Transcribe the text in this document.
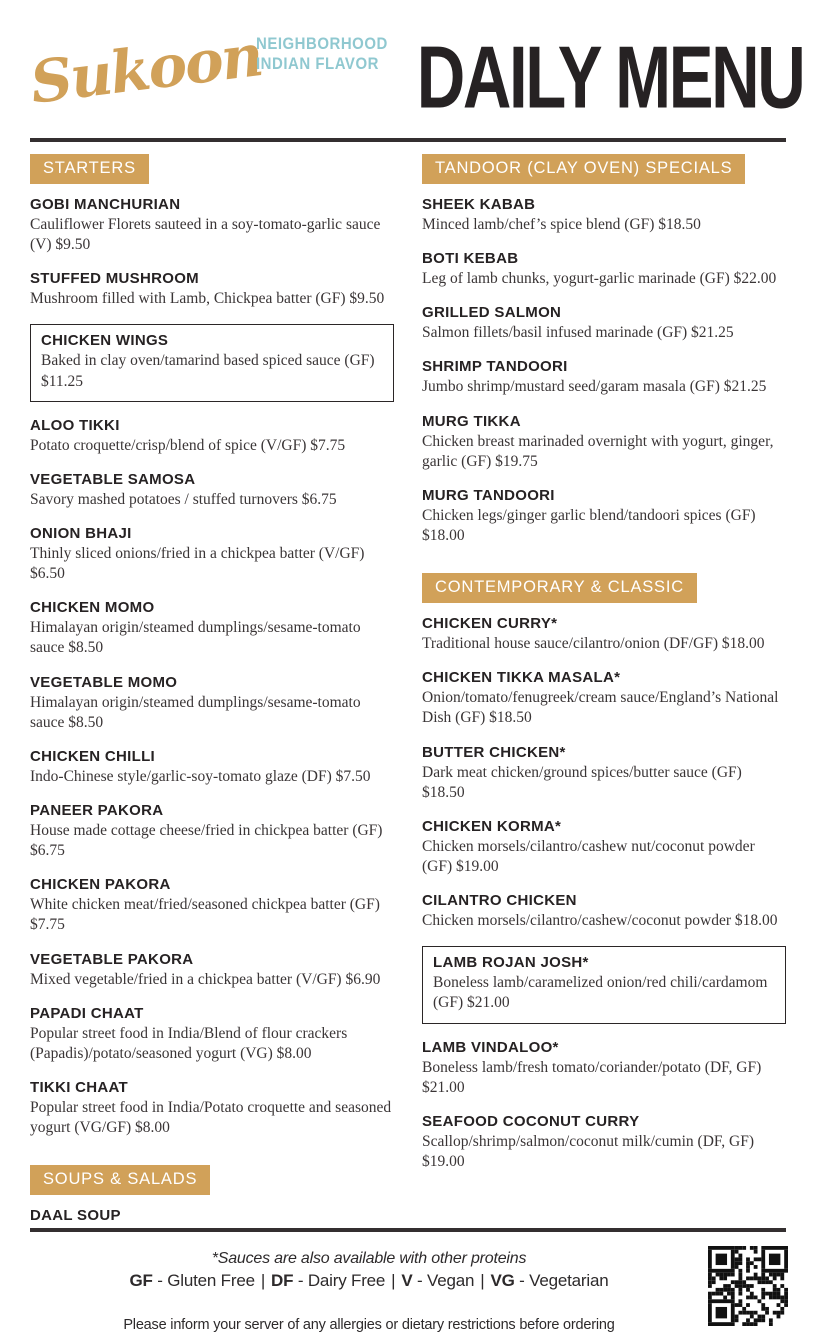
Sukoon
NEIGHBORHOOD
INDIAN FLAVOR DAILY MENU
STARTERS
GOBI MANCHURIAN
Cauliflower Florets sauteed in a soy-tomato-garlic sauce (V) $9.50
STUFFED MUSHROOM
Mushroom filled with Lamb, Chickpea batter (GF) $9.50
CHICKEN WINGS
Baked in clay oven/tamarind based spiced sauce (GF) $11.25
ALOO TIKKI
Potato croquette/crisp/blend of spice (V/GF) $7.75
VEGETABLE SAMOSA
Savory mashed potatoes / stuffed turnovers $6.75
ONION BHAJI
Thinly sliced onions/fried in a chickpea batter (V/GF) $6.50
CHICKEN MOMO
Himalayan origin/steamed dumplings/sesame-tomato sauce $8.50
VEGETABLE MOMO
Himalayan origin/steamed dumplings/sesame-tomato sauce $8.50
CHICKEN CHILLI
Indo-Chinese style/garlic-soy-tomato glaze (DF) $7.50
PANEER PAKORA
House made cottage cheese/fried in chickpea batter (GF) $6.75
CHICKEN PAKORA
White chicken meat/fried/seasoned chickpea batter (GF) $7.75
VEGETABLE PAKORA
Mixed vegetable/fried in a chickpea batter (V/GF) $6.90
PAPADI CHAAT
Popular street food in India/Blend of flour crackers (Papadis)/potato/seasoned yogurt (VG) $8.00
TIKKI CHAAT
Popular street food in India/Potato croquette and seasoned yogurt (VG/GF) $8.00
SOUPS & SALADS
DAAL SOUP
TANDOOR (CLAY OVEN) SPECIALS
SHEEK KABAB
Minced lamb/chef’s spice blend (GF) $18.50
BOTI KEBAB
Leg of lamb chunks, yogurt-garlic marinade (GF) $22.00
GRILLED SALMON
Salmon fillets/basil infused marinade (GF) $21.25
SHRIMP TANDOORI
Jumbo shrimp/mustard seed/garam masala (GF) $21.25
MURG TIKKA
Chicken breast marinaded overnight with yogurt, ginger, garlic (GF) $19.75
MURG TANDOORI
Chicken legs/ginger garlic blend/tandoori spices (GF) $18.00
CONTEMPORARY & CLASSIC
CHICKEN CURRY*
Traditional house sauce/cilantro/onion (DF/GF) $18.00
CHICKEN TIKKA MASALA*
Onion/tomato/fenugreek/cream sauce/England’s National Dish (GF) $18.50
BUTTER CHICKEN*
Dark meat chicken/ground spices/butter sauce (GF) $18.50
CHICKEN KORMA*
Chicken morsels/cilantro/cashew nut/coconut powder (GF) $19.00
CILANTRO CHICKEN
Chicken morsels/cilantro/cashew/coconut powder $18.00
LAMB ROJAN JOSH*
Boneless lamb/caramelized onion/red chili/cardamom (GF) $21.00
LAMB VINDALOO*
Boneless lamb/fresh tomato/coriander/potato (DF, GF) $21.00
SEAFOOD COCONUT CURRY
Scallop/shrimp/salmon/coconut milk/cumin (DF, GF) $19.00
*Sauces are also available with other proteins
GF - Gluten Free | DF - Dairy Free | V - Vegan | VG - Vegetarian
Please inform your server of any allergies or dietary restrictions before ordering
